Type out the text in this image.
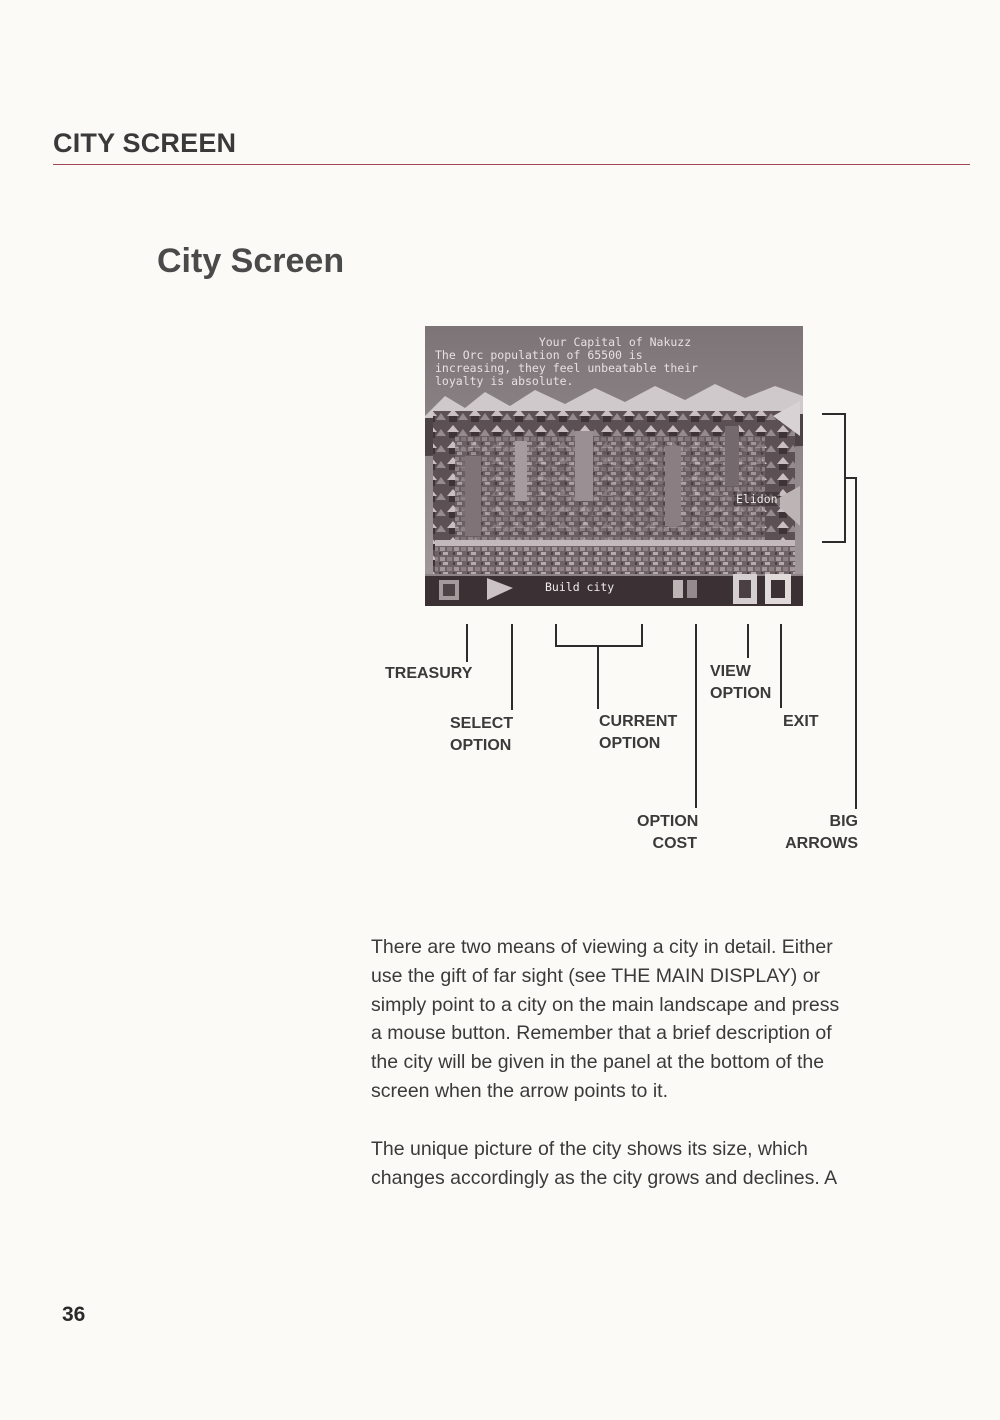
CITY SCREEN
City Screen
Your Capital of Nakuzz
The Orc population of 65500 is
increasing, they feel unbeatable their
loyalty is absolute.
Elidon
Build city
TREASURY
SELECT
OPTION
CURRENT
OPTION
VIEW
OPTION
EXIT
OPTION
COST
BIG
ARROWS
There are two means of viewing a city in detail. Either
use the gift of far sight (see THE MAIN DISPLAY) or
simply point to a city on the main landscape and press
a mouse button. Remember that a brief description of
the city will be given in the panel at the bottom of the
screen when the arrow points to it.
The unique picture of the city shows its size, which
changes accordingly as the city grows and declines. A
36
